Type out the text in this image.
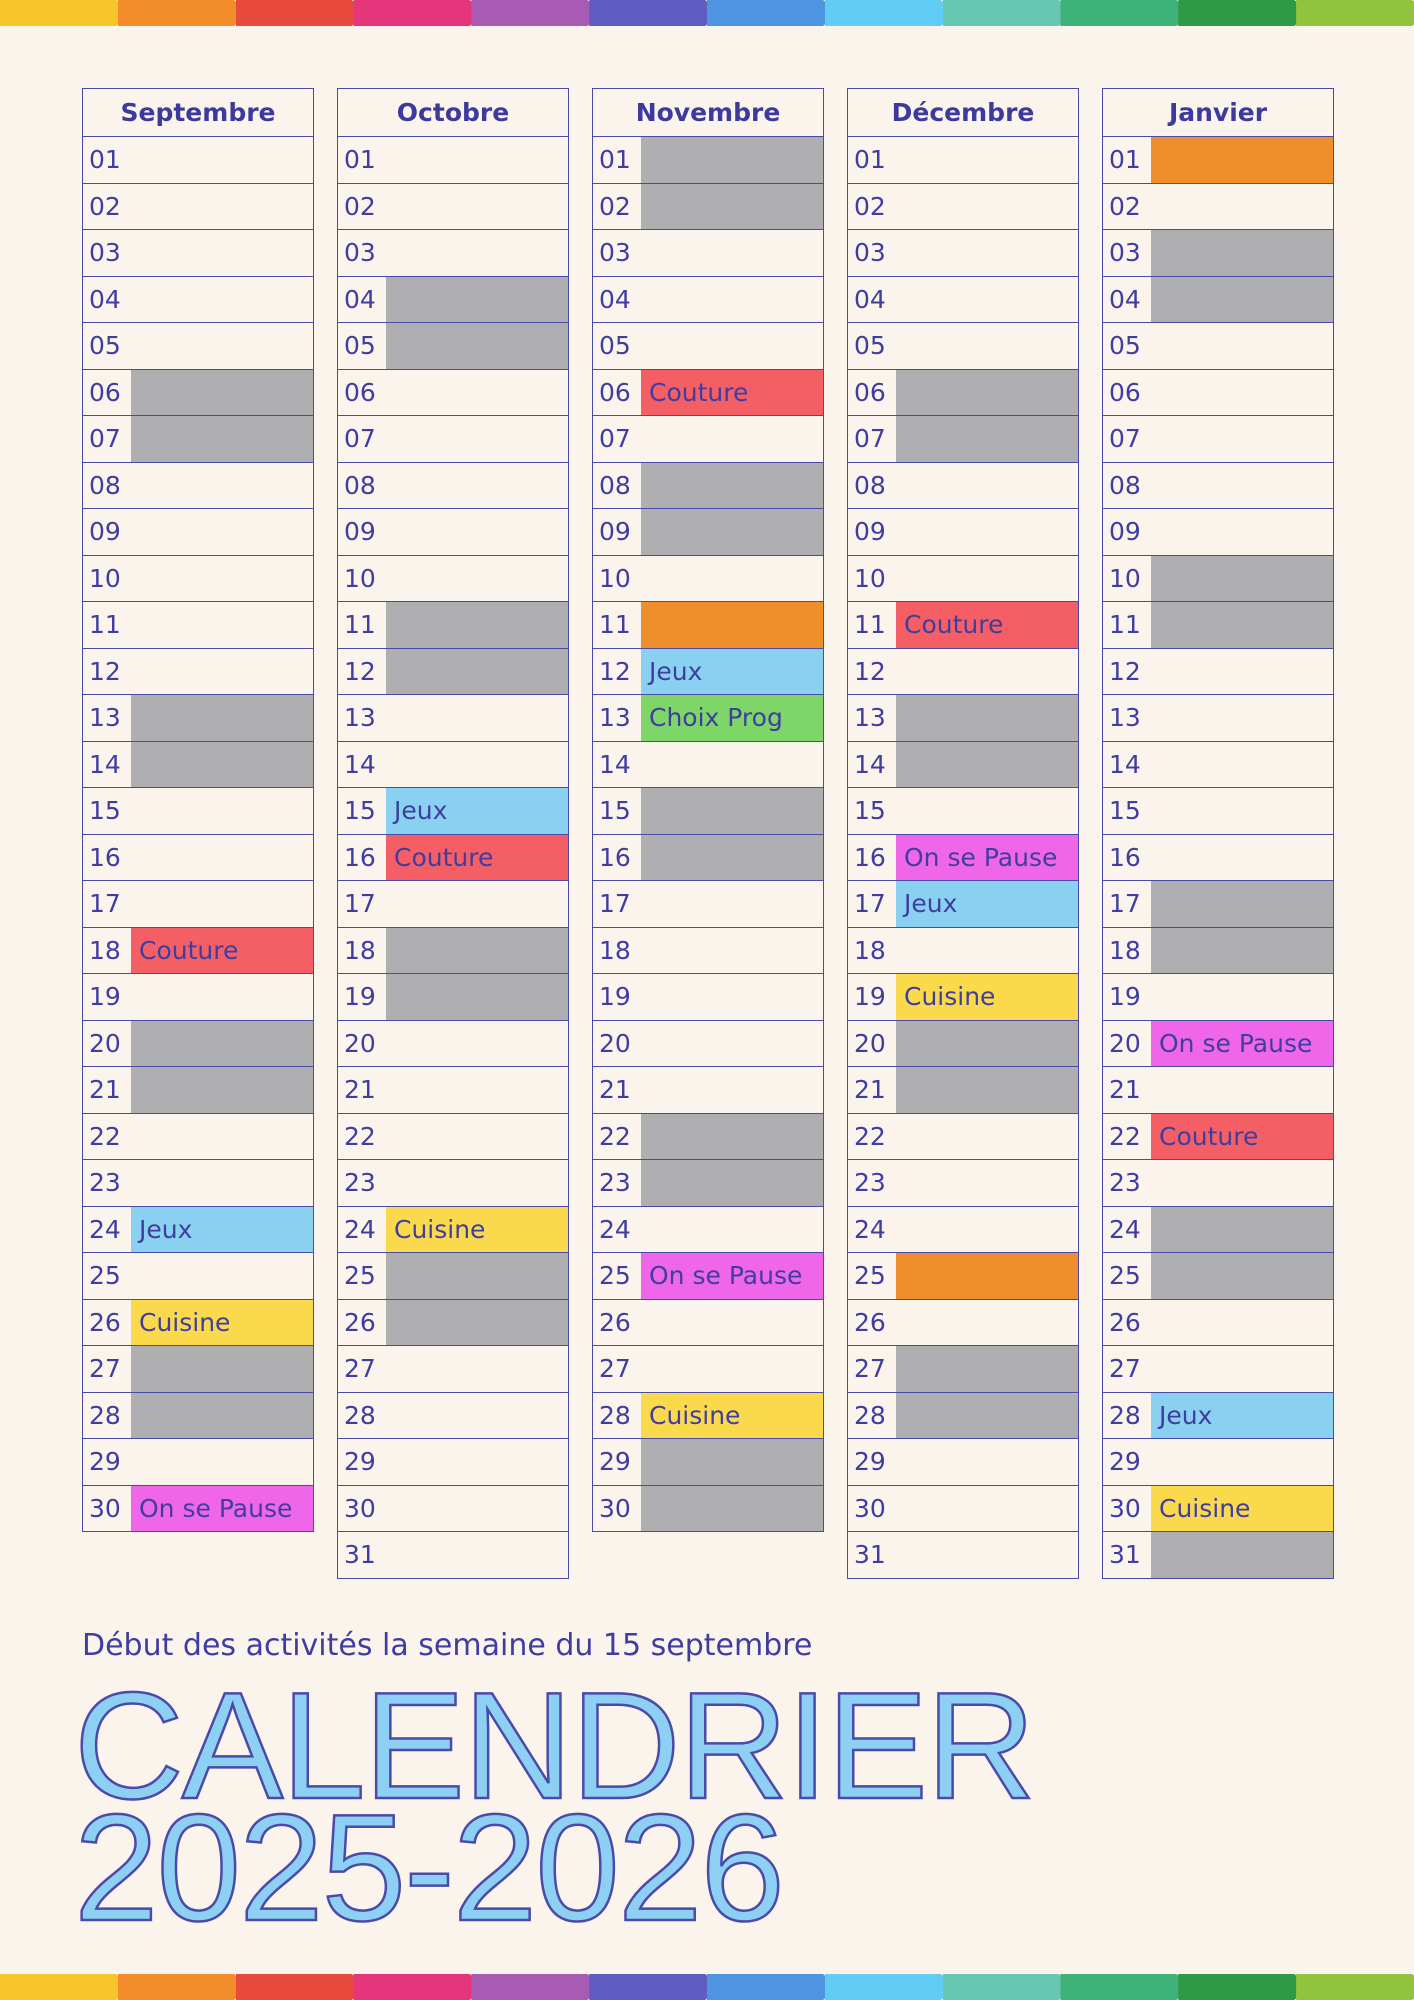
Septembre
01
02
03
04
05
06
07
08
09
10
11
12
13
14
15
16
17
18 Couture
19
20
21
22
23
24 Jeux
25
26 Cuisine
27
28
29
30 On se Pause
Octobre
01
02
03
04
05
06
07
08
09
10
11
12
13
14
15 Jeux
16 Couture
17
18
19
20
21
22
23
24 Cuisine
25
26
27
28
29
30
31
Novembre
01
02
03
04
05
06 Couture
07
08
09
10
11
12 Jeux
13 Choix Prog
14
15
16
17
18
19
20
21
22
23
24
25 On se Pause
26
27
28 Cuisine
29
30
Décembre
01
02
03
04
05
06
07
08
09
10
11 Couture
12
13
14
15
16 On se Pause
17 Jeux
18
19 Cuisine
20
21
22
23
24
25
26
27
28
29
30
31
Janvier
01
02
03
04
05
06
07
08
09
10
11
12
13
14
15
16
17
18
19
20 On se Pause
21
22 Couture
23
24
25
26
27
28 Jeux
29
30 Cuisine
31
Début des activités la semaine du 15 septembre
CALENDRIER
2025-2026
